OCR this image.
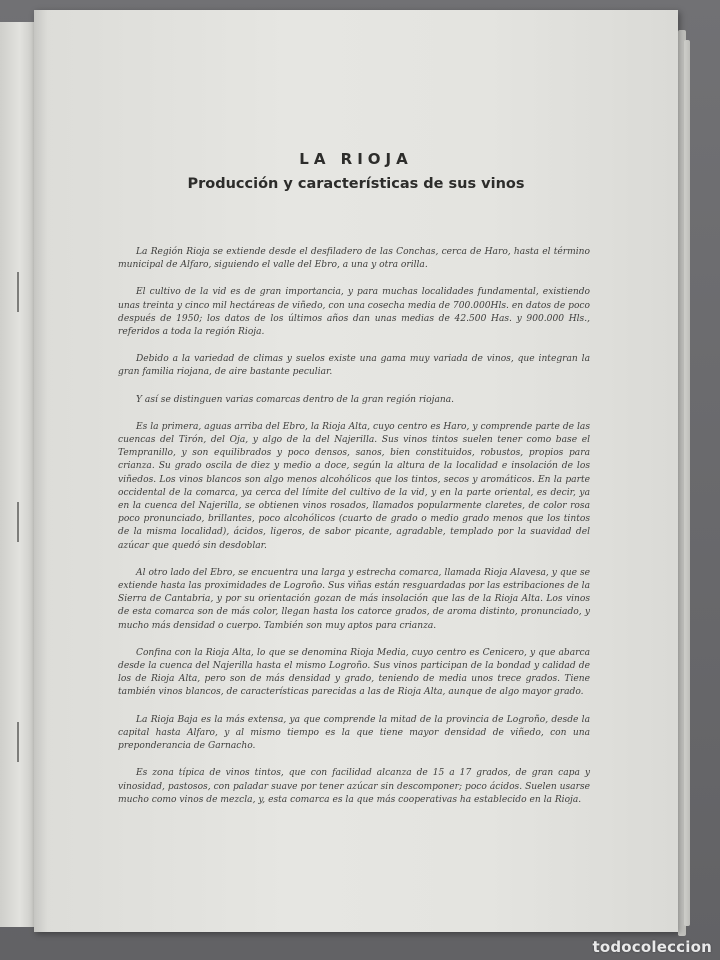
LA RIOJA
Producción y características de sus vinos

La Región Rioja se extiende desde el desfiladero de las Conchas, cerca de Haro, hasta el término municipal de Alfaro, siguiendo el valle del Ebro, a una y otra orilla.

El cultivo de la vid es de gran importancia, y para muchas localidades fundamental, existiendo unas treinta y cinco mil hectáreas de viñedo, con una cosecha media de 700.000Hls. en datos de poco después de 1950; los datos de los últimos años dan unas medias de 42.500 Has. y 900.000 Hls., referidos a toda la región Rioja.

Debido a la variedad de climas y suelos existe una gama muy variada de vinos, que integran la gran familia riojana, de aire bastante peculiar.

Y así se distinguen varias comarcas dentro de la gran región riojana.

Es la primera, aguas arriba del Ebro, la Rioja Alta, cuyo centro es Haro, y comprende parte de las cuencas del Tirón, del Oja, y algo de la del Najerilla. Sus vinos tintos suelen tener como base el Tempranillo, y son equilibrados y poco densos, sanos, bien constituidos, robustos, propios para crianza. Su grado oscila de diez y medio a doce, según la altura de la localidad e insolación de los viñedos. Los vinos blancos son algo menos alcohólicos que los tintos, secos y aromáticos. En la parte occidental de la comarca, ya cerca del límite del cultivo de la vid, y en la parte oriental, es decir, ya en la cuenca del Najerilla, se obtienen vinos rosados, llamados popularmente claretes, de color rosa poco pronunciado, brillantes, poco alcohólicos (cuarto de grado o medio grado menos que los tintos de la misma localidad), ácidos, ligeros, de sabor picante, agradable, templado por la suavidad del azúcar que quedó sin desdoblar.

Al otro lado del Ebro, se encuentra una larga y estrecha comarca, llamada Rioja Alavesa, y que se extiende hasta las proximidades de Logroño. Sus viñas están resguardadas por las estribaciones de la Sierra de Cantabria, y por su orientación gozan de más insolación que las de la Rioja Alta. Los vinos de esta comarca son de más color, llegan hasta los catorce grados, de aroma distinto, pronunciado, y mucho más densidad o cuerpo. También son muy aptos para crianza.

Confina con la Rioja Alta, lo que se denomina Rioja Media, cuyo centro es Cenicero, y que abarca desde la cuenca del Najerilla hasta el mismo Logroño. Sus vinos participan de la bondad y calidad de los de Rioja Alta, pero son de más densidad y grado, teniendo de media unos trece grados. Tiene también vinos blancos, de características parecidas a las de Rioja Alta, aunque de algo mayor grado.

La Rioja Baja es la más extensa, ya que comprende la mitad de la provincia de Logroño, desde la capital hasta Alfaro, y al mismo tiempo es la que tiene mayor densidad de viñedo, con una preponderancia de Garnacho.

Es zona típica de vinos tintos, que con facilidad alcanza de 15 a 17 grados, de gran capa y vinosidad, pastosos, con paladar suave por tener azúcar sin descomponer; poco ácidos. Suelen usarse mucho como vinos de mezcla, y, esta comarca es la que más cooperativas ha establecido en la Rioja.

todocoleccion
